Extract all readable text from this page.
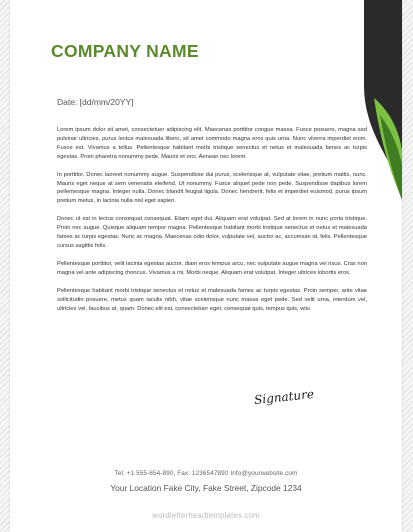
COMPANY NAME
Date: [dd/mm/20YY]

Lorem ipsum dolor sit amet, consectetuer adipiscing elit. Maecenas porttitor congue massa. Fusce posuere, magna sed pulvinar ultricies, purus lectus malesuada libero, sit amet commodo magna eros quis urna. Nunc viverra imperdiet enim. Fusce est. Vivamus a tellus. Pellentesque habitant morbi tristique senectus et netus et malesuada fames ac turpis egestas. Proin pharetra nonummy pede. Mauris et orci. Aenean nec lorem.

In porttitor. Donec laoreet nonummy augue. Suspendisse dui purus, scelerisque at, vulputate vitae, pretium mattis, nunc. Mauris eget neque at sem venenatis eleifend. Ut nonummy. Fusce aliquet pede non pede. Suspendisse dapibus lorem pellentesque magna. Integer nulla. Donec blandit feugiat ligula. Donec hendrerit, felis et imperdiet euismod, purus ipsum pretium metus, in lacinia nulla nisl eget sapien.

Donec ut est in lectus consequat consequat. Etiam eget dui. Aliquam erat volutpat. Sed at lorem in nunc porta tristique. Proin nec augue. Quisque aliquam tempor magna. Pellentesque habitant morbi tristique senectus et netus et malesuada fames ac turpis egestas. Nunc ac magna. Maecenas odio dolor, vulputate vel, auctor ac, accumsan id, felis. Pellentesque cursus sagittis felis.

Pellentesque porttitor, velit lacinia egestas auctor, diam eros tempus arcu, nec vulputate augue magna vel risus. Cras non magna vel ante adipiscing rhoncus. Vivamus a mi. Morbi neque. Aliquam erat volutpat. Integer ultrices lobortis eros.

Pellentesque habitant morbi tristique senectus et netus et malesuada fames ac turpis egestas. Proin semper, ante vitae sollicitudin posuere, metus quam iaculis nibh, vitae scelerisque nunc massa eget pede. Sed velit urna, interdum vel, ultricies vel, faucibus at, quam. Donec elit est, consectetuer eget, consequat quis, tempus quis, wisi.

Signature
Tel: +1 555-654-890, Fax: 1236547890 Info@yourwebsite.com
Your Location Fake City, Fake Street, Zipcode 1234
wordletterheadtemplates.com
